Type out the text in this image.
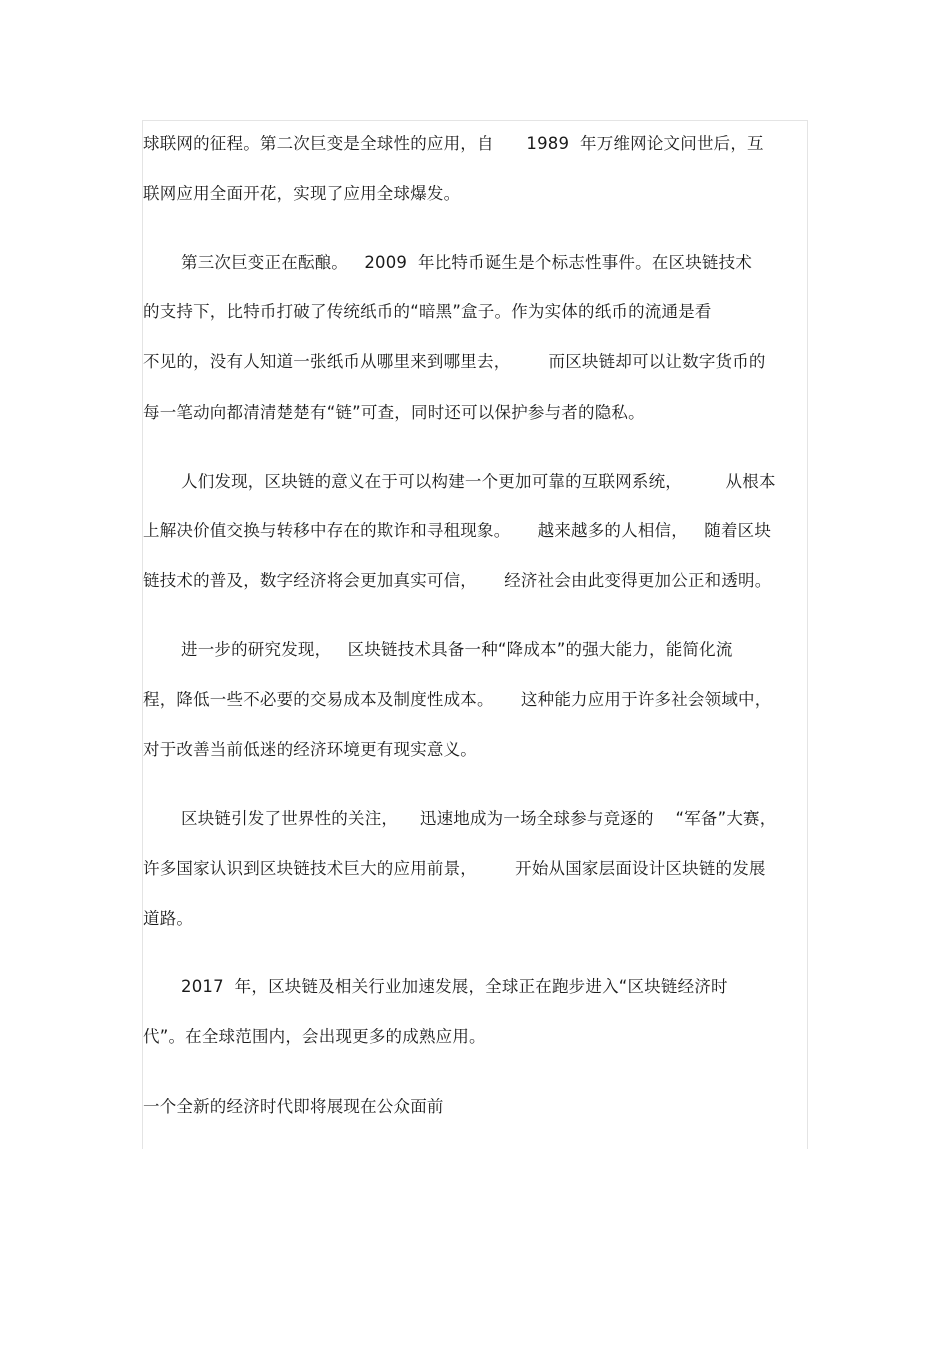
球联网的征程。第二次巨变是全球性的应用，自      1989  年万维网论文问世后，互

联网应用全面开花，实现了应用全球爆发。

第三次巨变正在酝酿。   2009  年比特币诞生是个标志性事件。在区块链技术

的支持下，比特币打破了传统纸币的“暗黑”盒子。作为实体的纸币的流通是看

不见的，没有人知道一张纸币从哪里来到哪里去，       而区块链却可以让数字货币的

每一笔动向都清清楚楚有“链”可查，同时还可以保护参与者的隐私。

人们发现，区块链的意义在于可以构建一个更加可靠的互联网系统，        从根本

上解决价值交换与转移中存在的欺诈和寻租现象。     越来越多的人相信，   随着区块

链技术的普及，数字经济将会更加真实可信，     经济社会由此变得更加公正和透明。

进一步的研究发现，   区块链技术具备一种“降成本”的强大能力，能简化流

程，降低一些不必要的交易成本及制度性成本。     这种能力应用于许多社会领域中，

对于改善当前低迷的经济环境更有现实意义。

区块链引发了世界性的关注，    迅速地成为一场全球参与竞逐的    “军备”大赛，

许多国家认识到区块链技术巨大的应用前景，       开始从国家层面设计区块链的发展

道路。

2017  年，区块链及相关行业加速发展，全球正在跑步进入“区块链经济时

代”。在全球范围内，会出现更多的成熟应用。

一个全新的经济时代即将展现在公众面前
